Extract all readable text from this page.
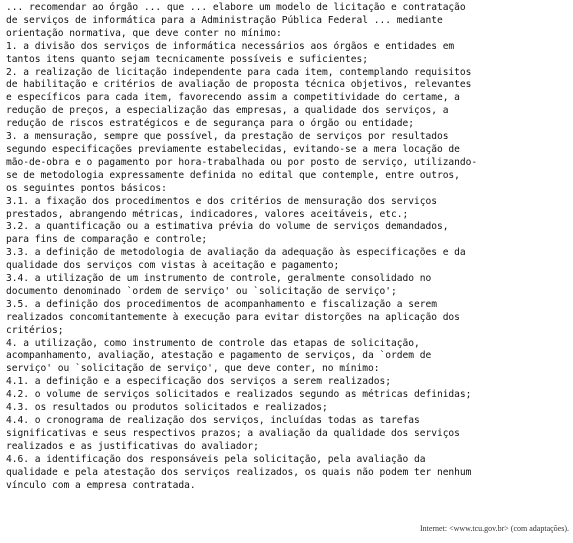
... recomendar ao órgão ... que ... elabore um modelo de licitação e contratação
de serviços de informática para a Administração Pública Federal ... mediante
orientação normativa, que deve conter no mínimo:
1. a divisão dos serviços de informática necessários aos órgãos e entidades em
tantos itens quanto sejam tecnicamente possíveis e suficientes;
2. a realização de licitação independente para cada item, contemplando requisitos
de habilitação e critérios de avaliação de proposta técnica objetivos, relevantes
e específicos para cada item, favorecendo assim a competitividade do certame, a
redução de preços, a especialização das empresas, a qualidade dos serviços, a
redução de riscos estratégicos e de segurança para o órgão ou entidade;
3. a mensuração, sempre que possível, da prestação de serviços por resultados
segundo especificações previamente estabelecidas, evitando-se a mera locação de
mão-de-obra e o pagamento por hora-trabalhada ou por posto de serviço, utilizando-
se de metodologia expressamente definida no edital que contemple, entre outros,
os seguintes pontos básicos:
3.1. a fixação dos procedimentos e dos critérios de mensuração dos serviços
prestados, abrangendo métricas, indicadores, valores aceitáveis, etc.;
3.2. a quantificação ou a estimativa prévia do volume de serviços demandados,
para fins de comparação e controle;
3.3. a definição de metodologia de avaliação da adequação às especificações e da
qualidade dos serviços com vistas à aceitação e pagamento;
3.4. a utilização de um instrumento de controle, geralmente consolidado no
documento denominado `ordem de serviço' ou `solicitação de serviço';
3.5. a definição dos procedimentos de acompanhamento e fiscalização a serem
realizados concomitantemente à execução para evitar distorções na aplicação dos
critérios;
4. a utilização, como instrumento de controle das etapas de solicitação,
acompanhamento, avaliação, atestação e pagamento de serviços, da `ordem de
serviço' ou `solicitação de serviço', que deve conter, no mínimo:
4.1. a definição e a especificação dos serviços a serem realizados;
4.2. o volume de serviços solicitados e realizados segundo as métricas definidas;
4.3. os resultados ou produtos solicitados e realizados;
4.4. o cronograma de realização dos serviços, incluídas todas as tarefas
significativas e seus respectivos prazos; a avaliação da qualidade dos serviços
realizados e as justificativas do avaliador;
4.6. a identificação dos responsáveis pela solicitação, pela avaliação da
qualidade e pela atestação dos serviços realizados, os quais não podem ter nenhum
vínculo com a empresa contratada.
Internet: <www.tcu.gov.br> (com adaptações).
